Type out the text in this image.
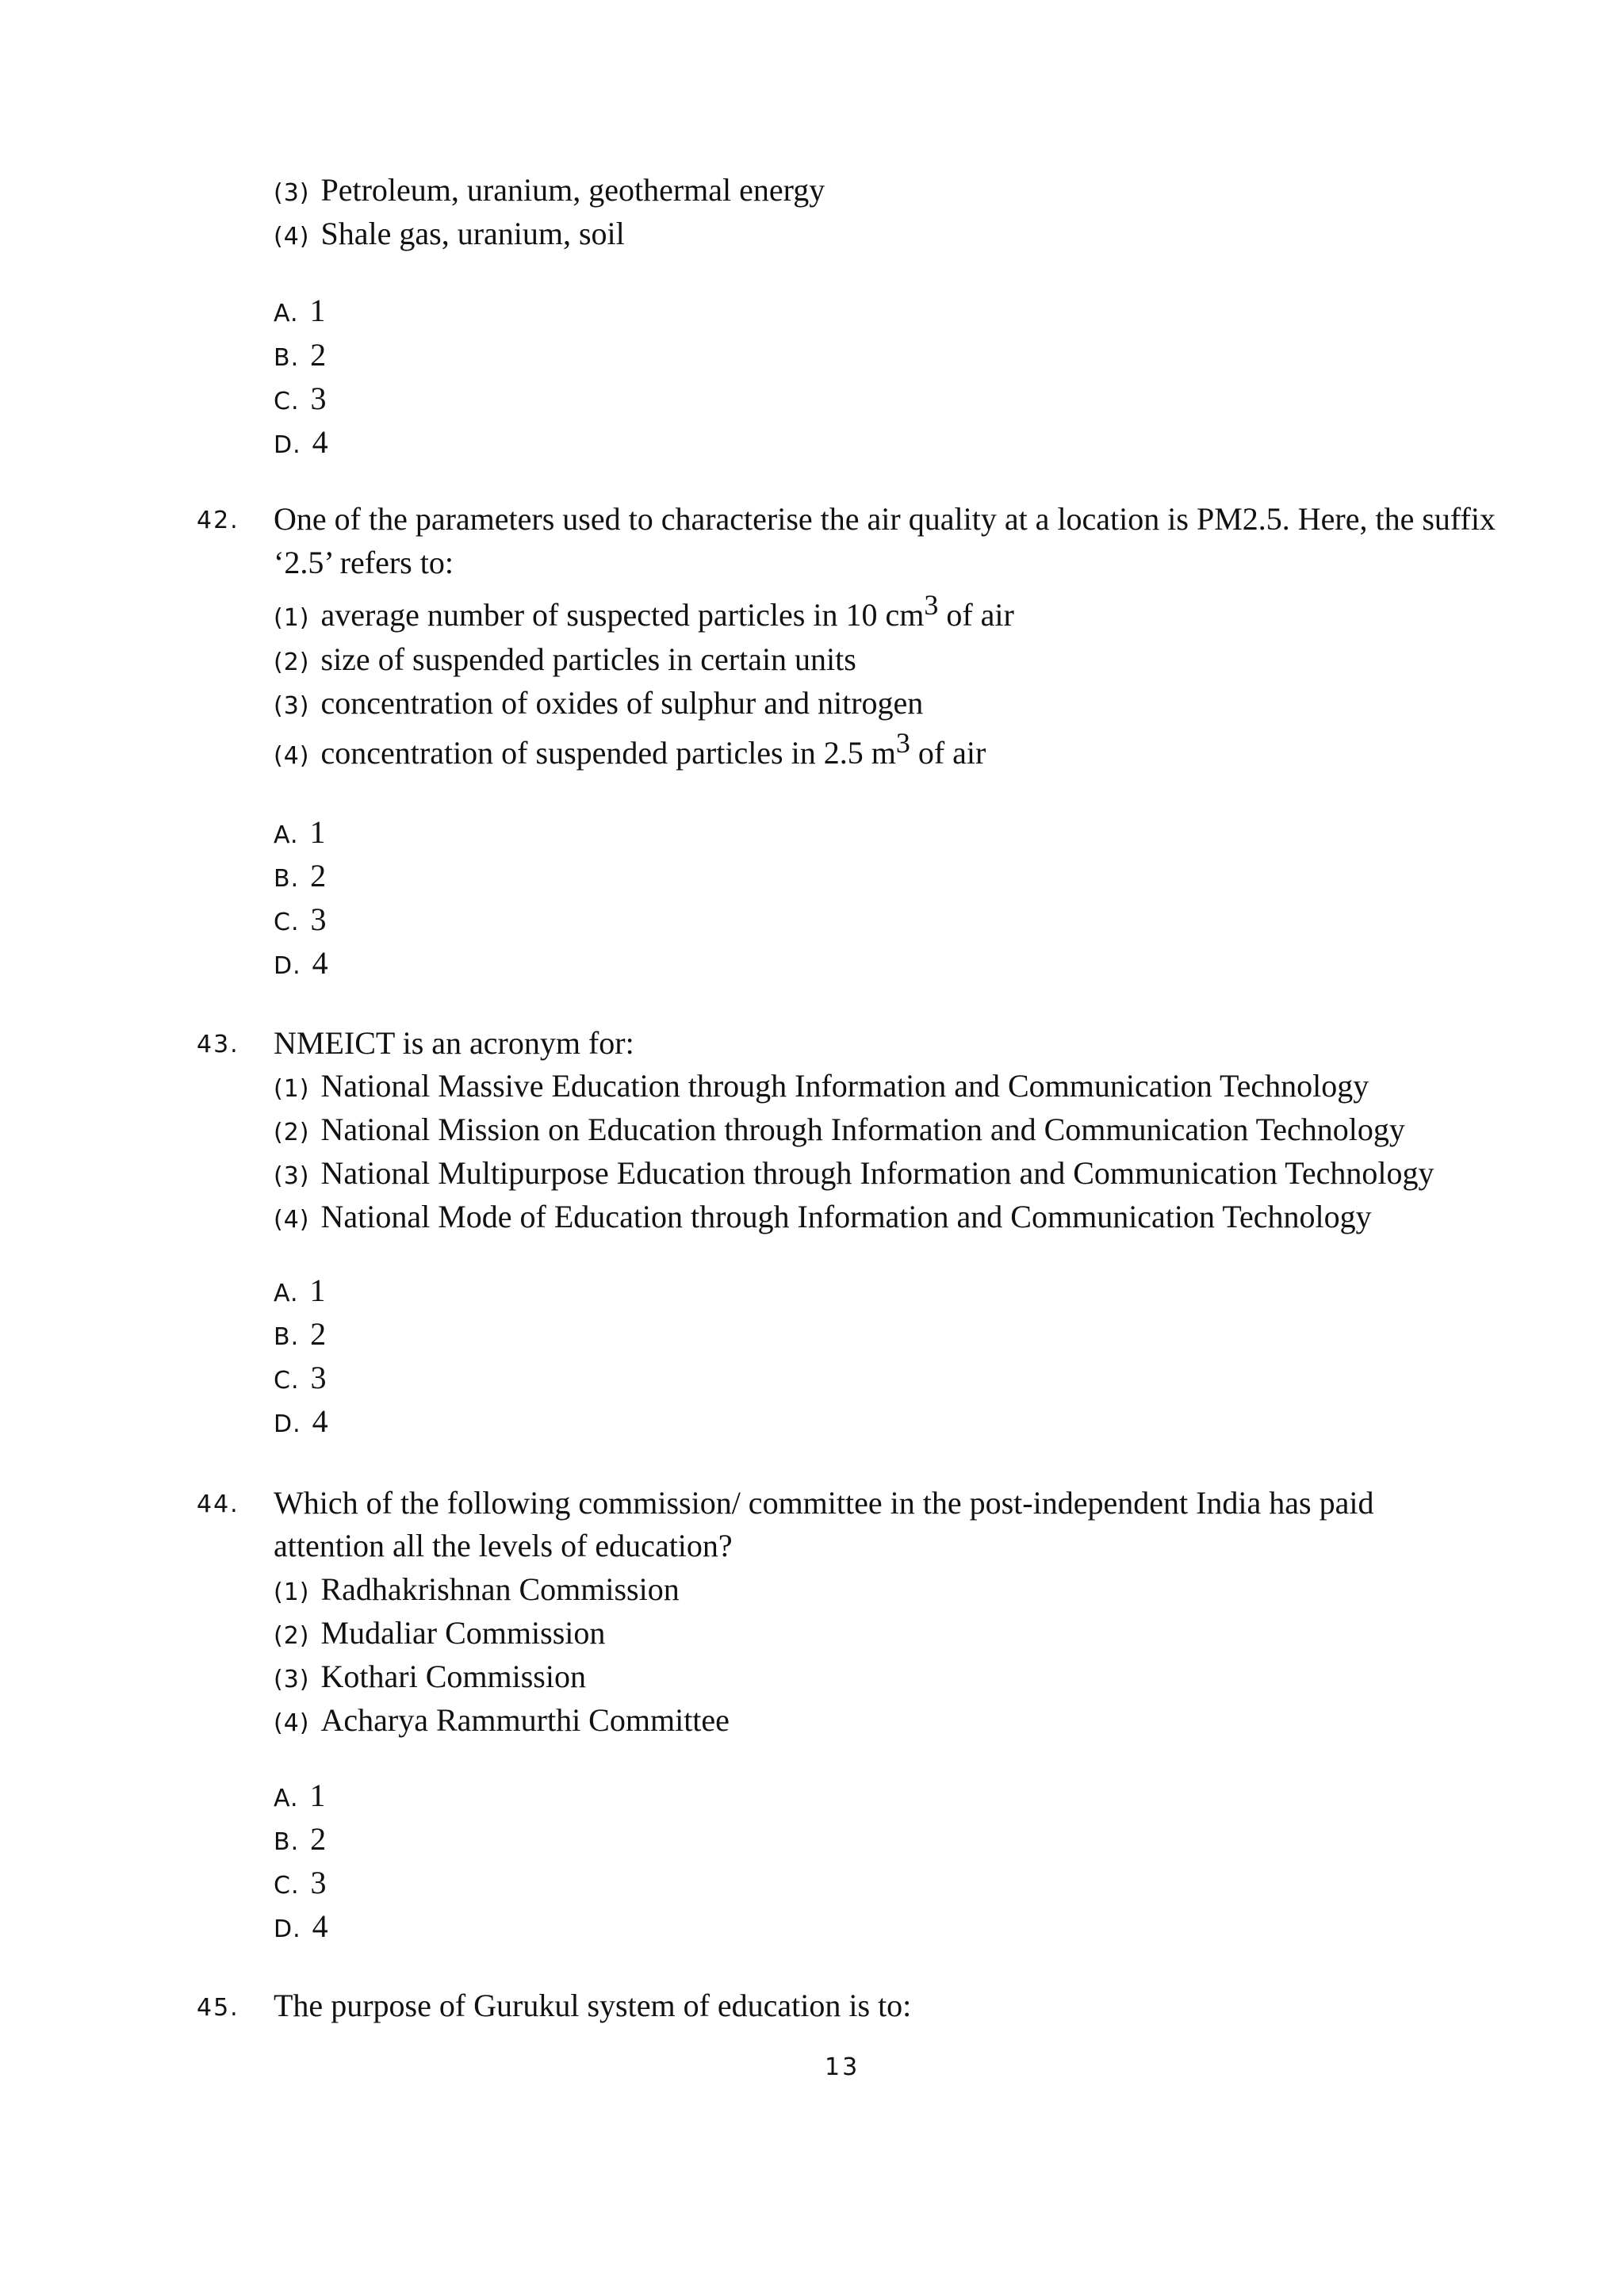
(3) Petroleum, uranium, geothermal energy
(4) Shale gas, uranium, soil
A. 1
B. 2
C. 3
D. 4
42. One of the parameters used to characterise the air quality at a location is PM2.5. Here, the suffix
‘2.5’ refers to:
(1) average number of suspected particles in 10 $cm^3$ of air
(2) size of suspended particles in certain units
(3) concentration of oxides of sulphur and nitrogen
(4) concentration of suspended particles in 2.5 $m^3$ of air
A. 1
B. 2
C. 3
D. 4
43. NMEICT is an acronym for:
(1) National Massive Education through Information and Communication Technology
(2) National Mission on Education through Information and Communication Technology
(3) National Multipurpose Education through Information and Communication Technology
(4) National Mode of Education through Information and Communication Technology
A. 1
B. 2
C. 3
D. 4
44. Which of the following commission/ committee in the post-independent India has paid
attention all the levels of education?
(1) Radhakrishnan Commission
(2) Mudaliar Commission
(3) Kothari Commission
(4) Acharya Rammurthi Committee
A. 1
B. 2
C. 3
D. 4
45. The purpose of Gurukul system of education is to:
13
